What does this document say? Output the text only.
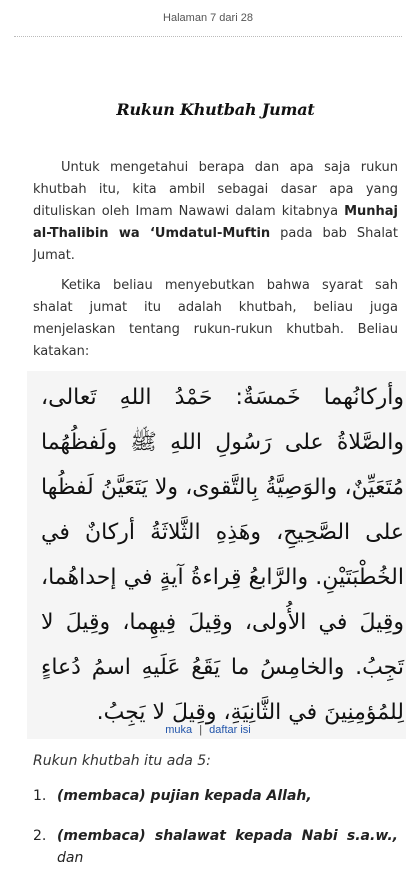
Halaman 7 dari 28
Rukun Khutbah Jumat

Untuk mengetahui berapa dan apa saja rukun khutbah itu, kita ambil sebagai dasar apa yang dituliskan oleh Imam Nawawi dalam kitabnya Munhaj al-Thalibin wa ‘Umdatul-Muftin pada bab Shalat Jumat.

Ketika beliau menyebutkan bahwa syarat sah shalat jumat itu adalah khutbah, beliau juga menjelaskan tentang rukun-rukun khutbah. Beliau katakan:

وأركانُهما خَمسَةٌ: حَمْدُ اللهِ تَعالى، والصَّلاةُ على رَسُولِ اللهِ ﷺ ولَفظُهُما مُتَعَيِّنٌ، والوَصِيَّةُ بِالتَّقوى، ولا يَتَعَيَّنُ لَفظُها على الصَّحِيحِ، وهَذِهِ الثَّلاثَةُ أركانٌ في الخُطْبَتَيْنِ. والرَّابعُ قِراءةُ آيةٍ في إحداهُما، وقِيلَ في الأُولى، وقِيلَ فِيهِما، وقِيلَ لا تَجِبُ. والخامِسُ ما يَقَعُ عَلَيهِ اسمُ دُعاءٍ لِلمُؤمِنِينَ في الثَّانِيَةِ، وقِيلَ لا يَجِبُ.
Rukun khutbah itu ada 5:
1. (membaca) pujian kepada Allah,
2. (membaca) shalawat kepada Nabi s.a.w., dan
muka | daftar isi
